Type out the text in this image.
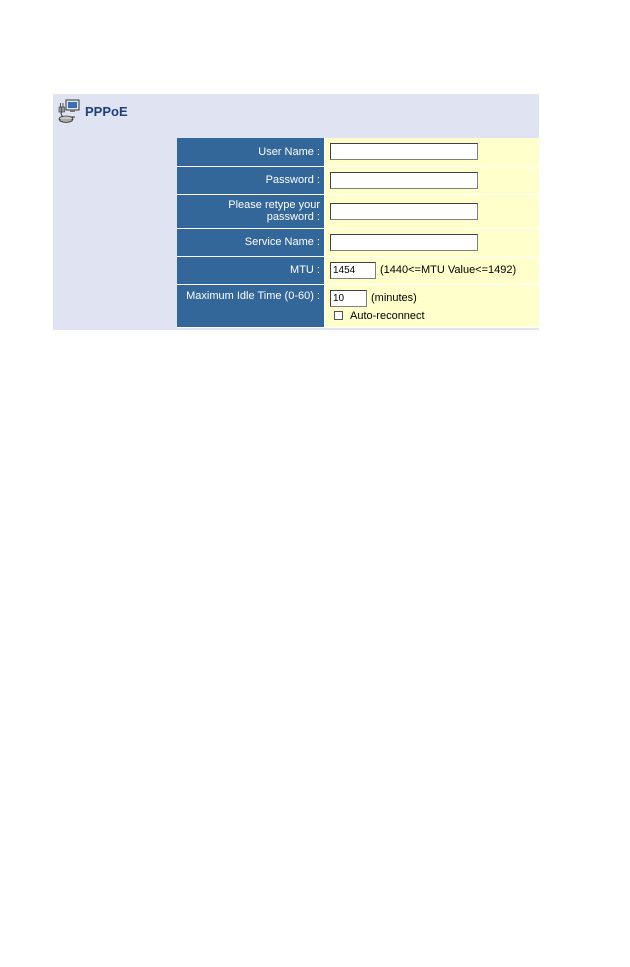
PPPoE
User Name :	
Password :	
Please retype your password :	
Service Name :	
MTU :	1454(1440<=MTU Value<=1492)
Maximum Idle Time (0-60) :	10(minutes)
Auto-reconnect
